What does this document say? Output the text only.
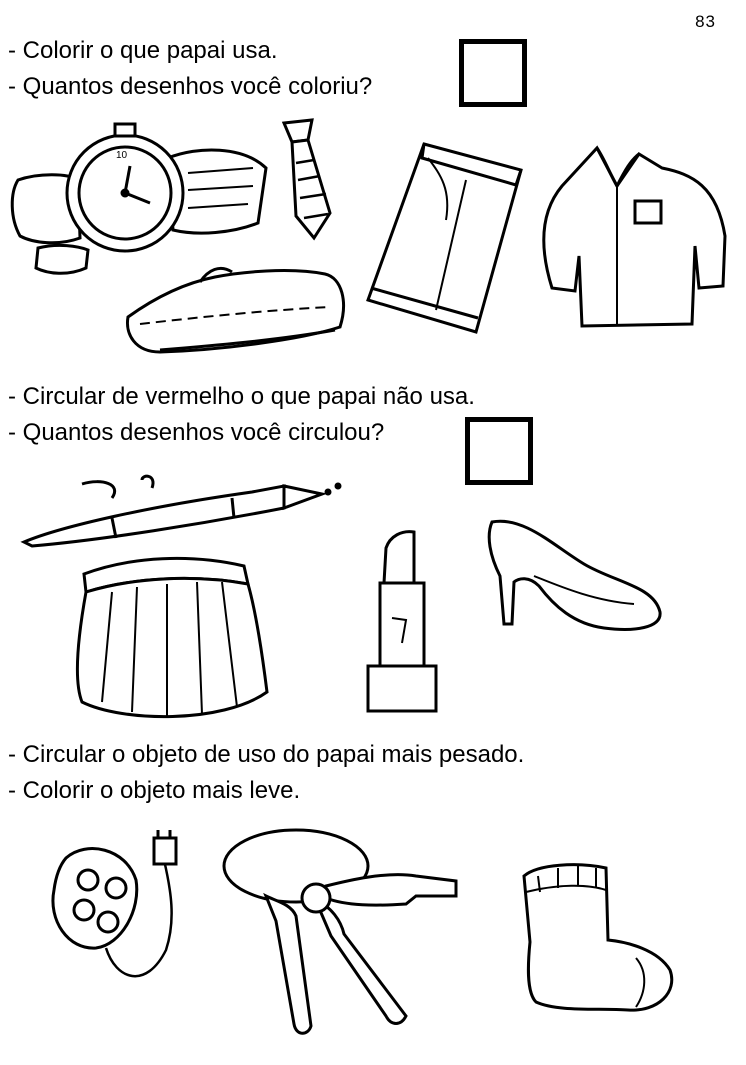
83
- Colorir o que papai usa.
- Quantos desenhos você coloriu?
10
- Circular de vermelho o que papai não usa.
- Quantos desenhos você circulou?
- Circular o objeto de uso do papai mais pesado.
- Colorir o objeto mais leve.
